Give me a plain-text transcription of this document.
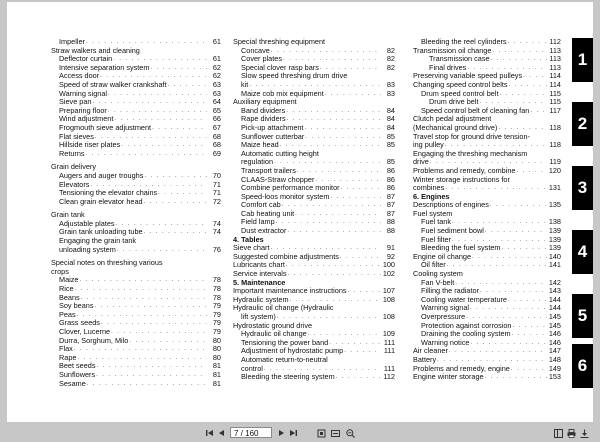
Impeller . . .	61
Straw walkers and cleaning
Deflector curtain . . .	61
Intensive separation system . . .	62
Access door . . .	62
Speed of straw walker crankshaft . . .	63
Warning signal . . .	63
Sieve pan . . .	64
Preparing floor . . .	65
Wind adjustment . . .	66
Frogmouth sieve adjustment . . .	67
Flat sieves . . .	68
Hillside riser plates . . .	68
Returns . . .	69
Grain delivery
Augers and auger troughs . . .	70
Elevators . . .	71
Tensioning the elevator chains . . .	71
Clean grain elevator head . . .	72
Grain tank
Adjustable plates . . .	74
Grain tank unloading tube . . .	74
Engaging the grain tank
unloading system . . .	76
Special notes on threshing various
crops
Maize . . .	78
Rice . . .	78
Beans . . .	78
Soy beans . . .	79
Peas . . .	79
Grass seeds . . .	79
Clover, Lucerne . . .	79
Durra, Sorghum, Milo . . .	80
Flax . . .	80
Rape . . .	80
Beet seeds . . .	81
Sunflowers . . .	81
Sesame . . .	81
Special threshing equipment
Concave . . .	82
Cover plates . . .	82
Special clover rasp bars . . .	82
Slow speed threshing drum drive
kit . . .	83
Maize cob mix equipment . . .	83
Auxiliary equipment
Band dividers . . .	84
Rape dividers . . .	84
Pick-up attachment . . .	84
Sunflower cutterbar . . .	85
Maize head . . .	85
Automatic cutting height
regulation . . .	85
Transport trailers . . .	86
CLAAS-Straw chopper . . .	86
Combine performance monitor . . .	86
Speed-loos monitor system . . .	87
Comfort cab . . .	87
Cab heating unit . . .	87
Field lamp . . .	88
Dust extractor . . .	88
4. Tables
Sieve chart . . .	91
Suggested combine adjustments . . .	92
Lubricants chart . . .	100
Service intervals . . .	102
5. Maintenance
Important maintenance instructions . . .	107
Hydraulic system . . .	108
Hydraulic oil change (Hydraulic
lift system) . . .	108
Hydrostatic ground drive
Hydraulic oil change . . .	109
Tensioning the power band . . .	111
Adjustment of hydrostatic pump . . .	111
Automatic return-to-neutral
control . . .	111
Bleeding the steering system . . .	112
Bleeding the reel cylinders . . .	112
Transmission oil change . . .	113
Transmission case . . .	113
Final drives . . .	113
Preserving variable speed pulleys . . .	114
Changing speed control belts . . .	114
Drum speed control belt . . .	115
Drum drive belt . . .	115
Speed control belt of cleaning fan . . .	117
Clutch pedal adjustment
(Mechanical ground drive) . . .	118
Travel stop for ground drive tension-
ing pulley . . .	118
Engaging the threshing mechanism
drive . . .	119
Problems and remedy, combine . . .	120
Winter storage instructions for
combines . . .	131
6. Engines
Descriptions of engines . . .	135
Fuel system
Fuel tank . . .	138
Fuel sediment bowl . . .	139
Fuel filter . . .	139
Bleeding the fuel system . . .	139
Engine oil change . . .	140
Oil filter . . .	141
Cooling system
Fan V-belt . . .	142
Filling the radiator . . .	143
Cooling water temperature . . .	144
Warning signal . . .	144
Overpressure . . .	145
Protection against corrosion . . .	145
Draining the cooling system . . .	146
Warning notice . . .	146
Air cleaner . . .	147
Battery . . .	148
Problems and remedy, engine . . .	149
Engine winter storage . . .	153
1
2
3
4
5
6
7 / 160
